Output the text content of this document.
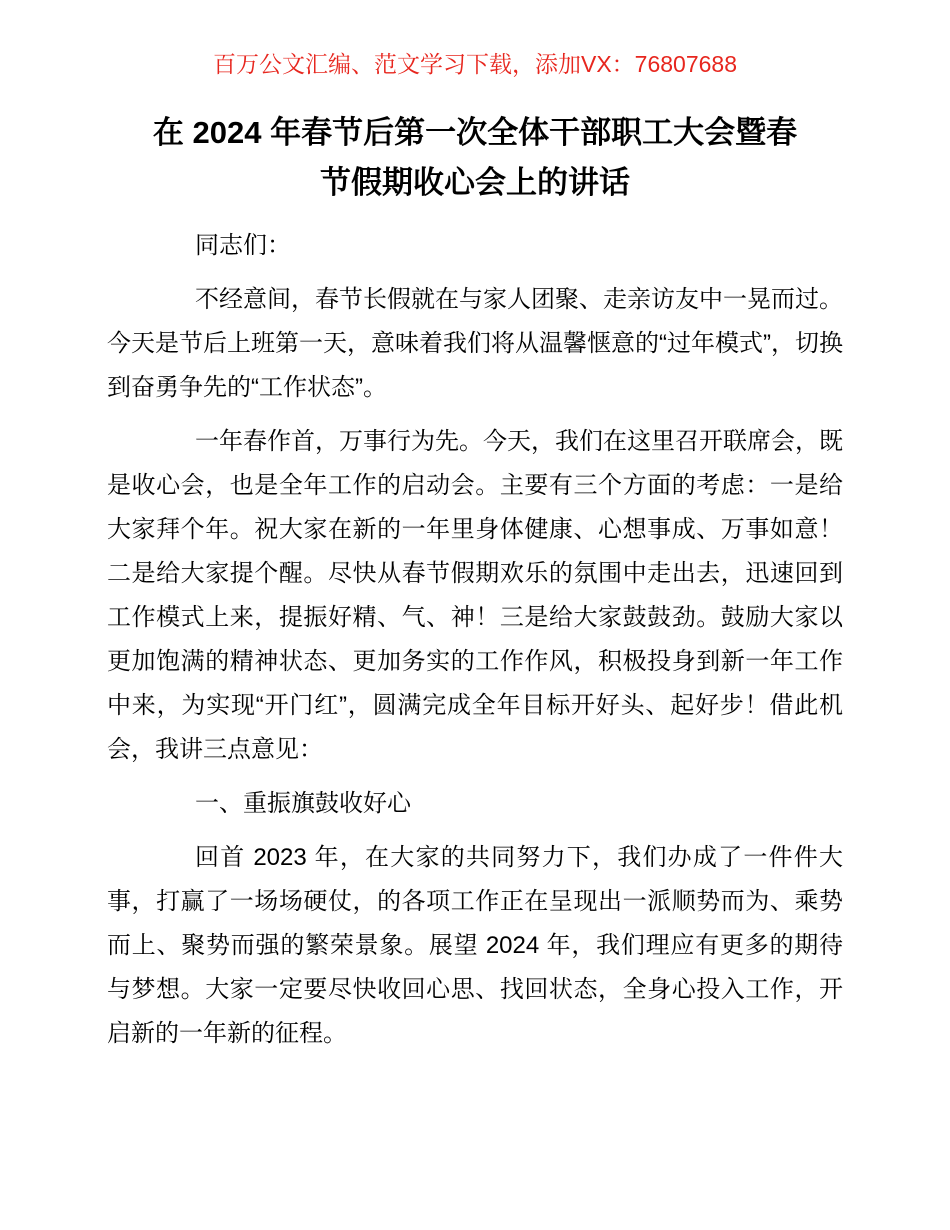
百万公文汇编、范文学习下载，添加VX：76807688

在 2024 年春节后第一次全体干部职工大会暨春
节假期收心会上的讲话

同志们：

不经意间，春节长假就在与家人团聚、走亲访友中一晃而过。今天是节后上班第一天，意味着我们将从温馨惬意的“过年模式”，切换到奋勇争先的“工作状态”。

一年春作首，万事行为先。今天，我们在这里召开联席会，既是收心会，也是全年工作的启动会。主要有三个方面的考虑：一是给大家拜个年。祝大家在新的一年里身体健康、心想事成、万事如意！二是给大家提个醒。尽快从春节假期欢乐的氛围中走出去，迅速回到工作模式上来，提振好精、气、神！三是给大家鼓鼓劲。鼓励大家以更加饱满的精神状态、更加务实的工作作风，积极投身到新一年工作中来，为实现“开门红”，圆满完成全年目标开好头、起好步！借此机会，我讲三点意见：

一、重振旗鼓收好心

回首 2023 年，在大家的共同努力下，我们办成了一件件大事，打赢了一场场硬仗，的各项工作正在呈现出一派顺势而为、乘势而上、聚势而强的繁荣景象。展望 2024 年，我们理应有更多的期待与梦想。大家一定要尽快收回心思、找回状态，全身心投入工作，开启新的一年新的征程。
